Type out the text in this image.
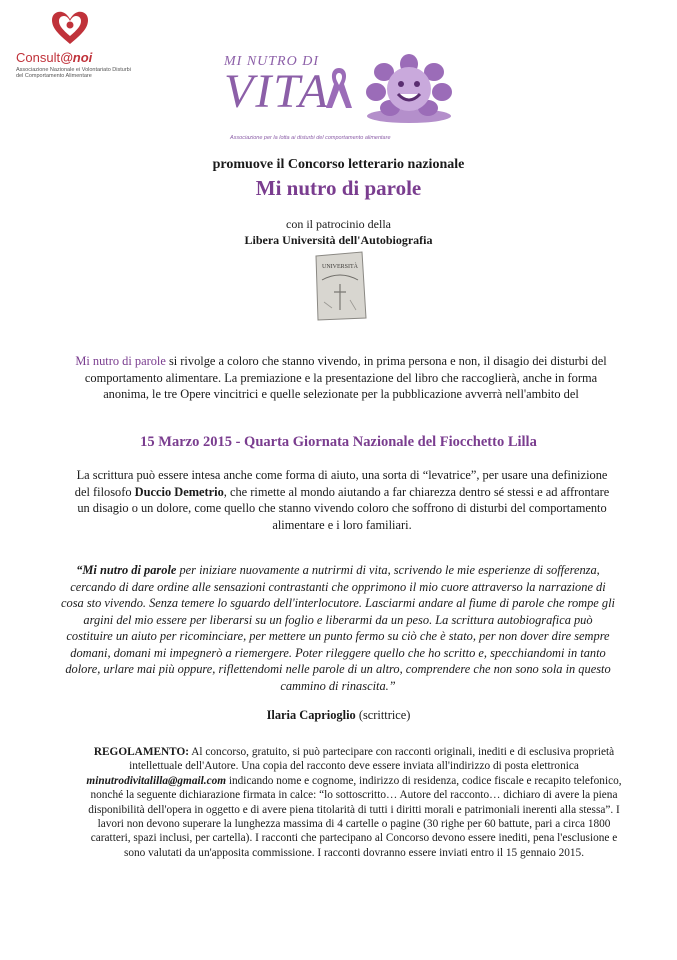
Consult@noi
Associazione Nazionale ei Volontariato Disturbi del Comportamento Alimentare
MI NUTRO DI
VITA
Associazione per la lotta ai disturbi del comportamento alimentare
promuove il Concorso letterario nazionale
Mi nutro di parole
con il patrocinio della
Libera Università dell'Autobiografia
UNIVERSITÀ
Mi nutro di parole si rivolge a coloro che stanno vivendo, in prima persona e non, il disagio dei disturbi del comportamento alimentare. La premiazione e la presentazione del libro che raccoglierà, anche in forma anonima, le tre Opere vincitrici e quelle selezionate per la pubblicazione avverrà nell'ambito del
15 Marzo 2015 - Quarta Giornata Nazionale del Fiocchetto Lilla
La scrittura può essere intesa anche come forma di aiuto, una sorta di “levatrice”, per usare una definizione del filosofo Duccio Demetrio, che rimette al mondo aiutando a far chiarezza dentro sé stessi e ad affrontare un disagio o un dolore, come quello che stanno vivendo coloro che soffrono di disturbi del comportamento alimentare e i loro familiari.
“Mi nutro di parole per iniziare nuovamente a nutrirmi di vita, scrivendo le mie esperienze di sofferenza, cercando di dare ordine alle sensazioni contrastanti che opprimono il mio cuore attraverso la narrazione di cosa sto vivendo. Senza temere lo sguardo dell'interlocutore. Lasciarmi andare al fiume di parole che rompe gli argini del mio essere per liberarsi su un foglio e liberarmi da un peso. La scrittura autobiografica può costituire un aiuto per ricominciare, per mettere un punto fermo su ciò che è stato, per non dover dire sempre domani, domani mi impegnerò a riemergere. Poter rileggere quello che ho scritto e, specchiandomi in tanto dolore, urlare mai più oppure, riflettendomi nelle parole di un altro, comprendere che non sono sola in questo cammino di rinascita.”
Ilaria Caprioglio (scrittrice)
REGOLAMENTO: Al concorso, gratuito, si può partecipare con racconti originali, inediti e di esclusiva proprietà intellettuale dell'Autore. Una copia del racconto deve essere inviata all'indirizzo di posta elettronica minutrodivitalilla@gmail.com indicando nome e cognome, indirizzo di residenza, codice fiscale e recapito telefonico, nonché la seguente dichiarazione firmata in calce: “lo sottoscritto… Autore del racconto… dichiaro di avere la piena disponibilità dell'opera in oggetto e di avere piena titolarità di tutti i diritti morali e patrimoniali inerenti alla stessa”. I lavori non devono superare la lunghezza massima di 4 cartelle o pagine (30 righe per 60 battute, pari a circa 1800 caratteri, spazi inclusi, per cartella). I racconti che partecipano al Concorso devono essere inediti, pena l'esclusione e sono valutati da un'apposita commissione. I racconti dovranno essere inviati entro il 15 gennaio 2015.
